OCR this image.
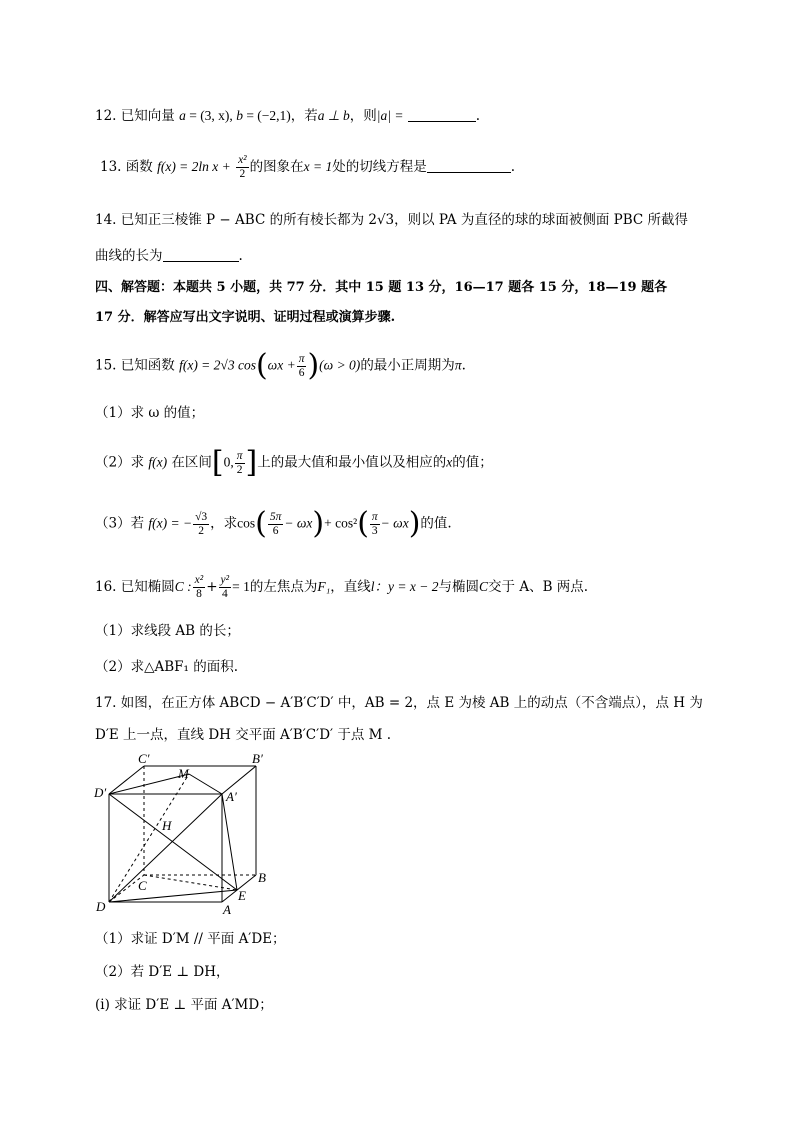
12. 已知向量 a = (3, x), b = (−2,1)，若a ⊥ b，则|a| =	.
13. 函数 f(x) = 2ln $x + \frac{\text{x²}}{2}$ 的图象在x = 1处的切线方程是	.
14. 已知正三棱锥 P − ABC 的所有棱长都为 2√3，则以 PA 为直径的球的球面被侧面 PBC 所截得
曲线的长为	.
四、解答题：本题共 5 小题，共 77 分．其中 15 题 13 分，16—17 题各 15 分，18—19 题各
17 分．解答应写出文字说明、证明过程或演算步骤.
15. 已知函数 f(x) = 2√3 $\cos(\omega x + \frac{\pi}{6} )(\omega > 0)$的最小正周期为π.
（1）求 ω 的值；
（2）求 f(x) 在区间[0, $\frac{\pi}{2}$ ]上的最大值和最小值以及相应的x的值；
（3）若 f(x) = − $\frac{√3}{2}$ ，求$\cos( \frac{5\pi}{6} - \omega x)+ \cos^2( \frac{\pi}{3} - \omega x)$的值.
16. 已知椭圆C : $\frac{\text{x²}}{8} + \frac{\text{y²}}{4} = 1$的左焦点为F₁，直线l：y = x − 2与椭圆C交于 A、B 两点.
（1）求线段 AB 的长；
（2）求△ABF₁ 的面积.
17. 如图，在正方体 ABCD − A′B′C′D′ 中，AB = 2，点 E 为棱 AB 上的动点（不含端点），点 H 为
D′E 上一点，直线 DH 交平面 A′B′C′D′ 于点 M .
C′	B′
M
D′	A′
H
C
B
E
D	A
（1）求证 D′M // 平面 A′DE；
（2）若 D′E ⊥ DH，
(i) 求证 D′E ⊥ 平面 A′MD；
